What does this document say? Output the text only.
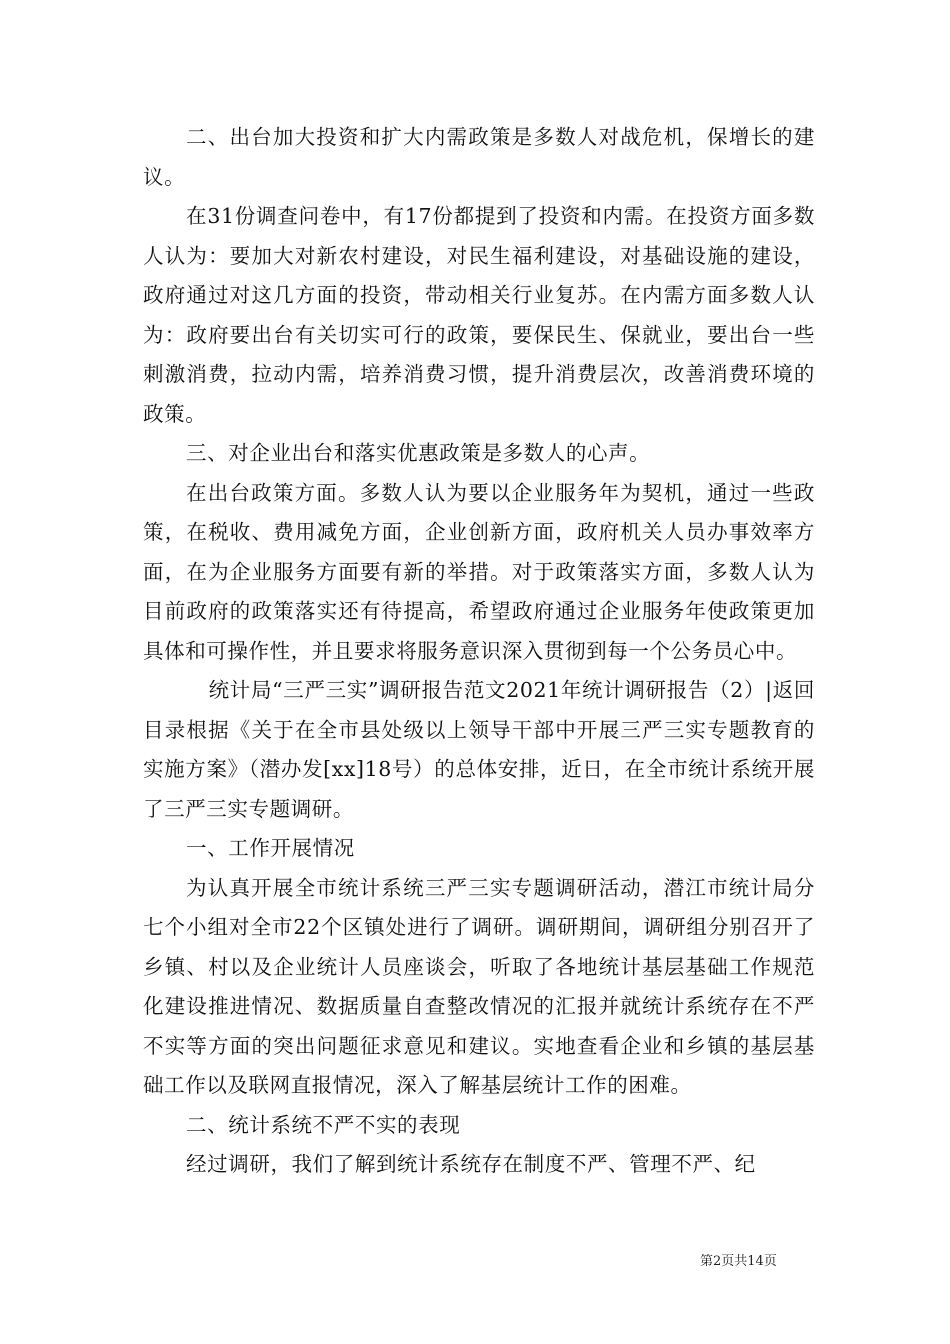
二、出台加大投资和扩大内需政策是多数人对战危机，保增长的建议。

在31份调查问卷中，有17份都提到了投资和内需。在投资方面多数人认为：要加大对新农村建设，对民生福利建设，对基础设施的建设，政府通过对这几方面的投资，带动相关行业复苏。在内需方面多数人认为：政府要出台有关切实可行的政策，要保民生、保就业，要出台一些刺激消费，拉动内需，培养消费习惯，提升消费层次，改善消费环境的政策。

三、对企业出台和落实优惠政策是多数人的心声。

在出台政策方面。多数人认为要以企业服务年为契机，通过一些政策，在税收、费用减免方面，企业创新方面，政府机关人员办事效率方面，在为企业服务方面要有新的举措。对于政策落实方面，多数人认为目前政府的政策落实还有待提高，希望政府通过企业服务年使政策更加具体和可操作性，并且要求将服务意识深入贯彻到每一个公务员心中。

统计局“三严三实”调研报告范文2021年统计调研报告（2）|返回目录根据《关于在全市县处级以上领导干部中开展三严三实专题教育的实施方案》（潜办发[xx]18号）的总体安排，近日，在全市统计系统开展了三严三实专题调研。

一、工作开展情况

为认真开展全市统计系统三严三实专题调研活动，潜江市统计局分七个小组对全市22个区镇处进行了调研。调研期间，调研组分别召开了乡镇、村以及企业统计人员座谈会，听取了各地统计基层基础工作规范化建设推进情况、数据质量自查整改情况的汇报并就统计系统存在不严不实等方面的突出问题征求意见和建议。实地查看企业和乡镇的基层基础工作以及联网直报情况，深入了解基层统计工作的困难。

二、统计系统不严不实的表现

经过调研，我们了解到统计系统存在制度不严、管理不严、纪

第2页共14页
